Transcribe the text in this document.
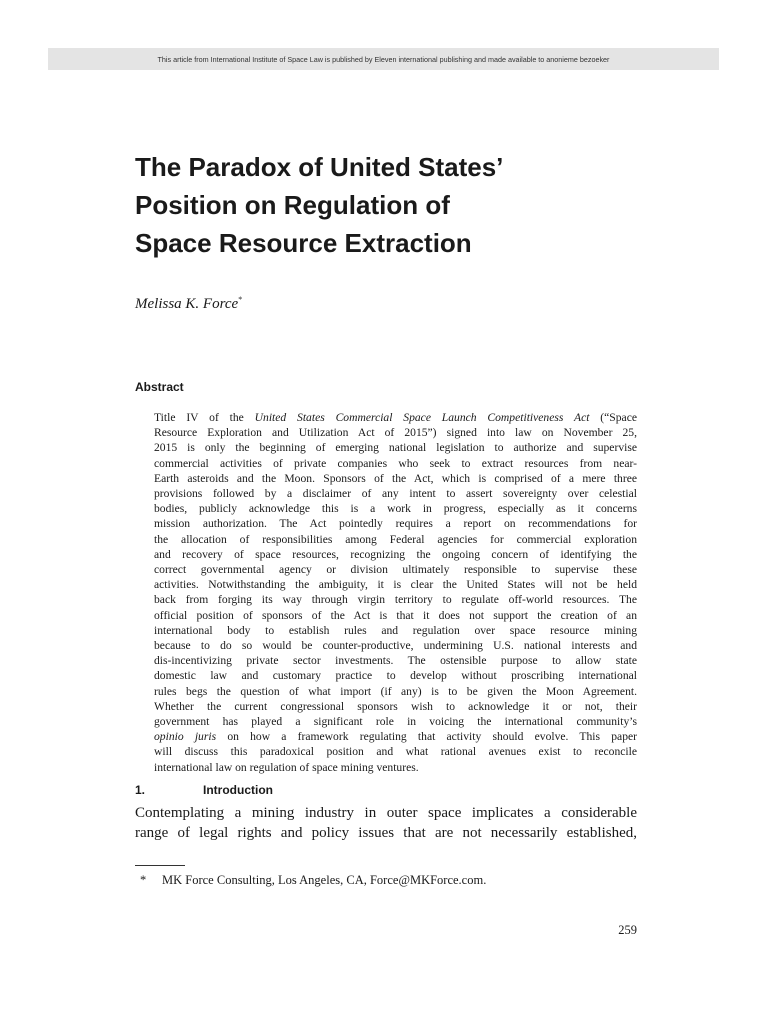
This article from International Institute of Space Law is published by Eleven international publishing and made available to anonieme bezoeker
The Paradox of United States’
Position on Regulation of
Space Resource Extraction
Melissa K. Force*
Abstract
Title IV of the United States Commercial Space Launch Competitiveness Act (“Space
Resource Exploration and Utilization Act of 2015”) signed into law on November 25,
2015 is only the beginning of emerging national legislation to authorize and supervise
commercial activities of private companies who seek to extract resources from near-
Earth asteroids and the Moon. Sponsors of the Act, which is comprised of a mere three
provisions followed by a disclaimer of any intent to assert sovereignty over celestial
bodies, publicly acknowledge this is a work in progress, especially as it concerns
mission authorization. The Act pointedly requires a report on recommendations for
the allocation of responsibilities among Federal agencies for commercial exploration
and recovery of space resources, recognizing the ongoing concern of identifying the
correct governmental agency or division ultimately responsible to supervise these
activities. Notwithstanding the ambiguity, it is clear the United States will not be held
back from forging its way through virgin territory to regulate off-world resources. The
official position of sponsors of the Act is that it does not support the creation of an
international body to establish rules and regulation over space resource mining
because to do so would be counter-productive, undermining U.S. national interests and
dis-incentivizing private sector investments. The ostensible purpose to allow state
domestic law and customary practice to develop without proscribing international
rules begs the question of what import (if any) is to be given the Moon Agreement.
Whether the current congressional sponsors wish to acknowledge it or not, their
government has played a significant role in voicing the international community’s
opinio juris on how a framework regulating that activity should evolve. This paper
will discuss this paradoxical position and what rational avenues exist to reconcile
international law on regulation of space mining ventures.
1.	Introduction
Contemplating a mining industry in outer space implicates a considerable
range of legal rights and policy issues that are not necessarily established,
* MK Force Consulting, Los Angeles, CA, Force@MKForce.com.
259
